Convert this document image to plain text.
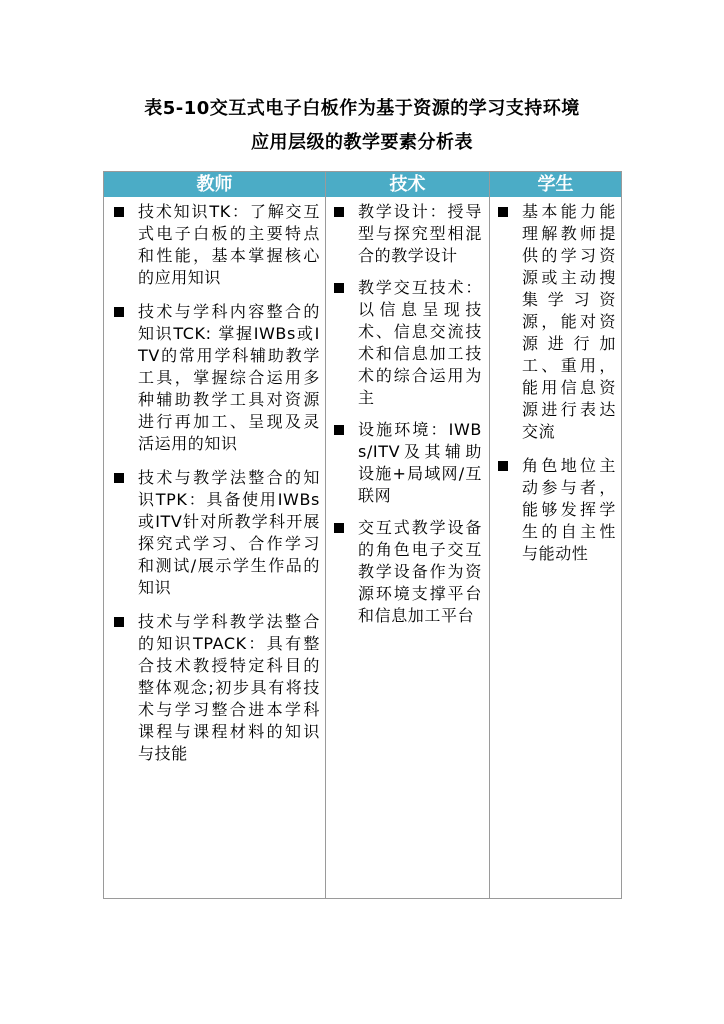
表5-10交互式电子白板作为基于资源的学习支持环境
应用层级的教学要素分析表
教师	技术	学生
技术知识TK：了解交互式电子白板的主要特点和性能，基本掌握核心的应用知识
技术与学科内容整合的知识TCK: 掌握IWBs或ITV的常用学科辅助教学工具，掌握综合运用多种辅助教学工具对资源进行再加工、呈现及灵活运用的知识
技术与教学法整合的知识TPK：具备使用IWBs或ITV针对所教学科开展探究式学习、合作学习和测试/展示学生作品的知识
技术与学科教学法整合的知识TPACK：具有整合技术教授特定科目的整体观念;初步具有将技术与学习整合进本学科课程与课程材料的知识与技能
教学设计：授导型与探究型相混合的教学设计
教学交互技术：以信息呈现技术、信息交流技术和信息加工技术的综合运用为主
设施环境：IWBs/ITV及其辅助设施+局域网/互联网
交互式教学设备的角色电子交互教学设备作为资源环境支撑平台和信息加工平台
基本能力能理解教师提供的学习资源或主动搜集学习资源，能对资源进行加工、重用，能用信息资源进行表达交流
角色地位主动参与者，能够发挥学生的自主性与能动性
